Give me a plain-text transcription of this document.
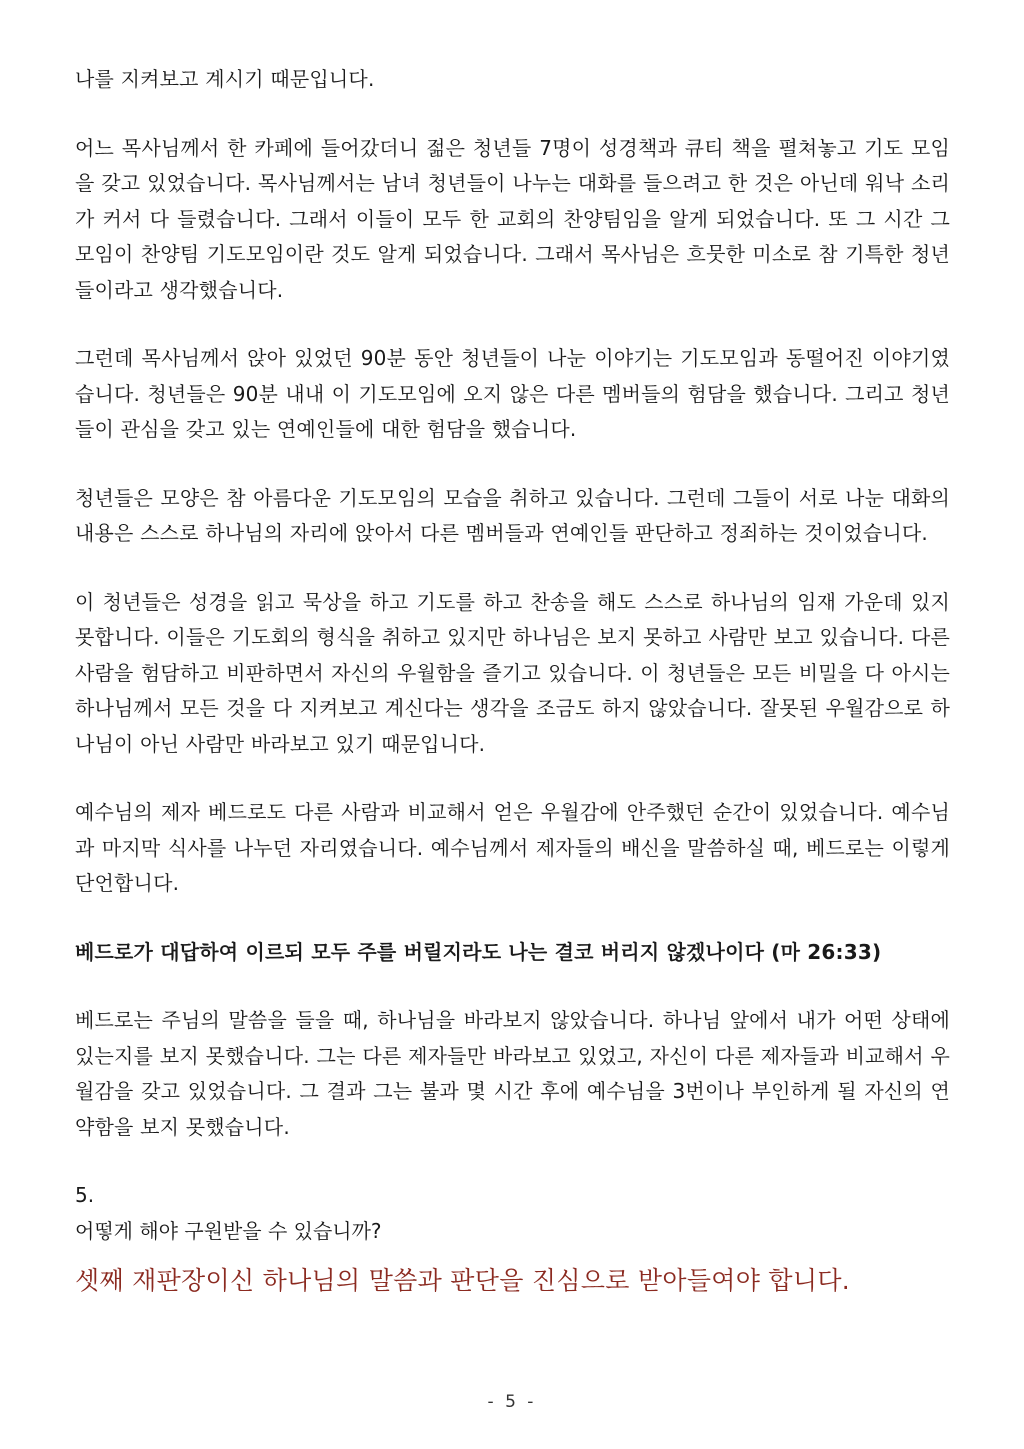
나를 지켜보고 계시기 때문입니다.

어느 목사님께서 한 카페에 들어갔더니 젊은 청년들 7명이 성경책과 큐티 책을 펼쳐놓고 기도 모임을 갖고 있었습니다. 목사님께서는 남녀 청년들이 나누는 대화를 들으려고 한 것은 아닌데 워낙 소리가 커서 다 들렸습니다. 그래서 이들이 모두 한 교회의 찬양팀임을 알게 되었습니다. 또 그 시간 그 모임이 찬양팀 기도모임이란 것도 알게 되었습니다. 그래서 목사님은 흐뭇한 미소로 참 기특한 청년들이라고 생각했습니다.

그런데 목사님께서 앉아 있었던 90분 동안 청년들이 나눈 이야기는 기도모임과 동떨어진 이야기였습니다. 청년들은 90분 내내 이 기도모임에 오지 않은 다른 멤버들의 험담을 했습니다. 그리고 청년들이 관심을 갖고 있는 연예인들에 대한 험담을 했습니다.

청년들은 모양은 참 아름다운 기도모임의 모습을 취하고 있습니다. 그런데 그들이 서로 나눈 대화의 내용은 스스로 하나님의 자리에 앉아서 다른 멤버들과 연예인들 판단하고 정죄하는 것이었습니다.

이 청년들은 성경을 읽고 묵상을 하고 기도를 하고 찬송을 해도 스스로 하나님의 임재 가운데 있지 못합니다. 이들은 기도회의 형식을 취하고 있지만 하나님은 보지 못하고 사람만 보고 있습니다. 다른 사람을 험담하고 비판하면서 자신의 우월함을 즐기고 있습니다. 이 청년들은 모든 비밀을 다 아시는 하나님께서 모든 것을 다 지켜보고 계신다는 생각을 조금도 하지 않았습니다. 잘못된 우월감으로 하나님이 아닌 사람만 바라보고 있기 때문입니다.

예수님의 제자 베드로도 다른 사람과 비교해서 얻은 우월감에 안주했던 순간이 있었습니다. 예수님과 마지막 식사를 나누던 자리였습니다. 예수님께서 제자들의 배신을 말씀하실 때, 베드로는 이렇게 단언합니다.

베드로가 대답하여 이르되 모두 주를 버릴지라도 나는 결코 버리지 않겠나이다 (마 26:33)

베드로는 주님의 말씀을 들을 때, 하나님을 바라보지 않았습니다. 하나님 앞에서 내가 어떤 상태에 있는지를 보지 못했습니다. 그는 다른 제자들만 바라보고 있었고, 자신이 다른 제자들과 비교해서 우월감을 갖고 있었습니다. 그 결과 그는 불과 몇 시간 후에 예수님을 3번이나 부인하게 될 자신의 연약함을 보지 못했습니다.

5.

어떻게 해야 구원받을 수 있습니까?

셋째 재판장이신 하나님의 말씀과 판단을 진심으로 받아들여야 합니다.

- 5 -
